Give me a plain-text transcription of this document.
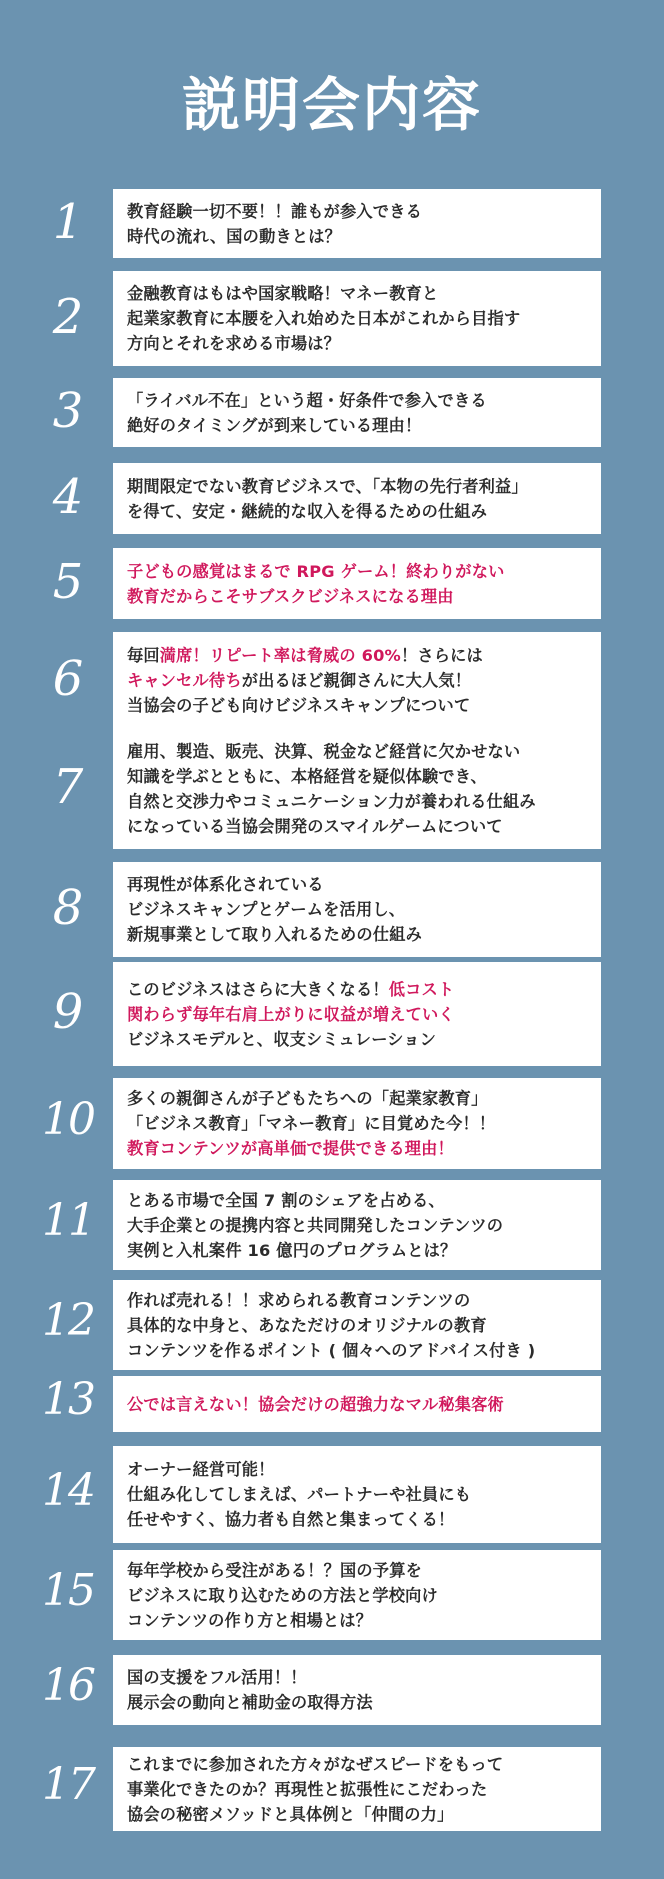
説明会内容
1	教育経験一切不要！！誰もが参入できる
時代の流れ、国の動きとは？
2	金融教育はもはや国家戦略！マネー教育と
起業家教育に本腰を入れ始めた日本がこれから目指す
方向とそれを求める市場は？
3	「ライバル不在」という超・好条件で参入できる
絶好のタイミングが到来している理由！
4	期間限定でない教育ビジネスで、「本物の先行者利益」
を得て、安定・継続的な収入を得るための仕組み
5	子どもの感覚はまるで RPG ゲーム！終わりがない
教育だからこそサブスクビジネスになる理由
6	毎回満席！リピート率は脅威の 60%！さらには
キャンセル待ちが出るほど親御さんに大人気！
当協会の子ども向けビジネスキャンプについて
7
雇用、製造、販売、決算、税金など経営に欠かせない
知識を学ぶとともに、本格経営を疑似体験でき、
自然と交渉力やコミュニケーション力が養われる仕組み
になっている当協会開発のスマイルゲームについて
8	再現性が体系化されている
ビジネスキャンプとゲームを活用し、
新規事業として取り入れるための仕組み
9	このビジネスはさらに大きくなる！低コスト
関わらず毎年右肩上がりに収益が増えていく
ビジネスモデルと、収支シミュレーション
10	多くの親御さんが子どもたちへの「起業家教育」
「ビジネス教育」「マネー教育」に目覚めた今！！
教育コンテンツが高単価で提供できる理由！
11	とある市場で全国 7 割のシェアを占める、
大手企業との提携内容と共同開発したコンテンツの
実例と入札案件 16 億円のプログラムとは？
12	作れば売れる！！求められる教育コンテンツの
具体的な中身と、あなただけのオリジナルの教育
コンテンツを作るポイント ( 個々へのアドバイス付き )
13	公では言えない！協会だけの超強力なマル秘集客術
14	オーナー経営可能！
仕組み化してしまえば、パートナーや社員にも
任せやすく、協力者も自然と集まってくる！
15	毎年学校から受注がある！？国の予算を
ビジネスに取り込むための方法と学校向け
コンテンツの作り方と相場とは？
16	国の支援をフル活用！！
展示会の動向と補助金の取得方法
17	これまでに参加された方々がなぜスピードをもって
事業化できたのか？再現性と拡張性にこだわった
協会の秘密メソッドと具体例と「仲間の力」
